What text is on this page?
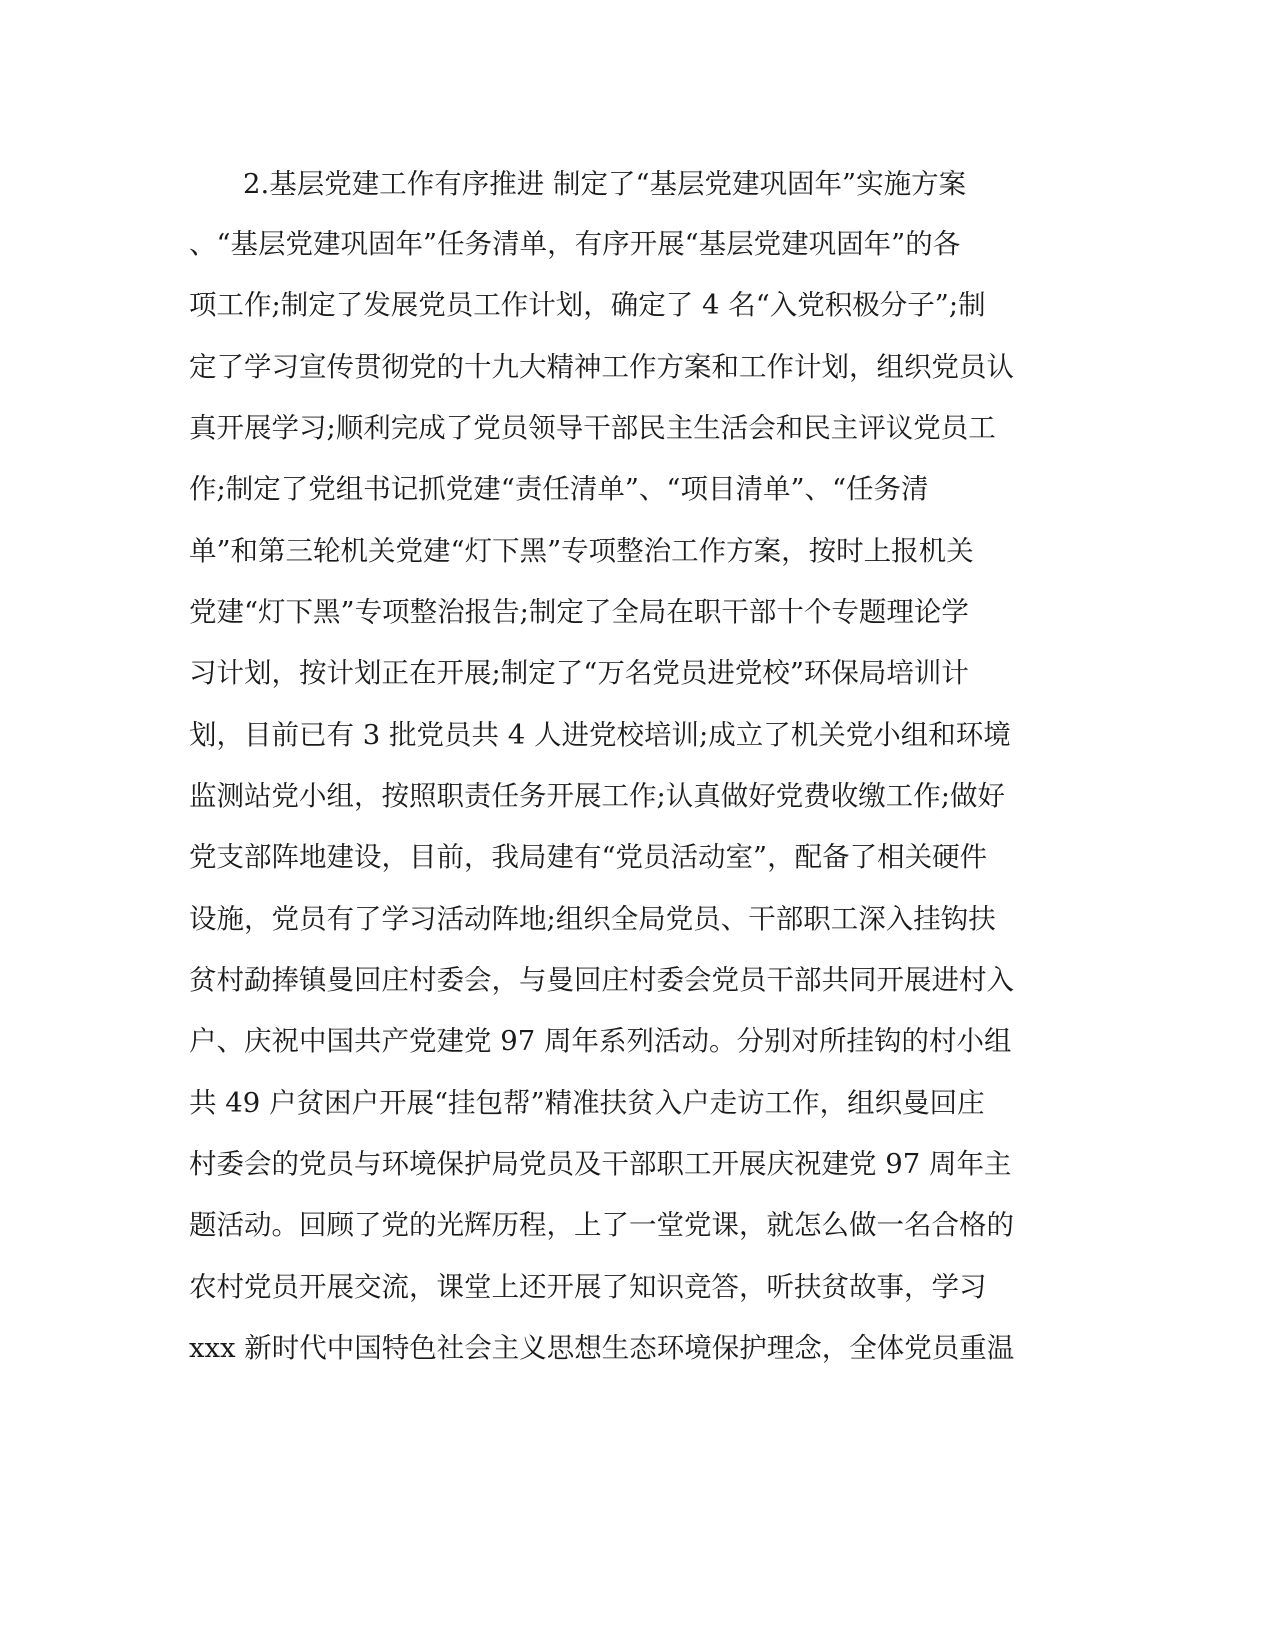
2.基层党建工作有序推进 制定了“基层党建巩固年”实施方案
、“基层党建巩固年”任务清单，有序开展“基层党建巩固年”的各
项工作;制定了发展党员工作计划，确定了 4 名“入党积极分子”;制
定了学习宣传贯彻党的十九大精神工作方案和工作计划，组织党员认
真开展学习;顺利完成了党员领导干部民主生活会和民主评议党员工
作;制定了党组书记抓党建“责任清单”、“项目清单”、“任务清
单”和第三轮机关党建“灯下黑”专项整治工作方案，按时上报机关
党建“灯下黑”专项整治报告;制定了全局在职干部十个专题理论学
习计划，按计划正在开展;制定了“万名党员进党校”环保局培训计
划，目前已有 3 批党员共 4 人进党校培训;成立了机关党小组和环境
监测站党小组，按照职责任务开展工作;认真做好党费收缴工作;做好
党支部阵地建设，目前，我局建有“党员活动室”，配备了相关硬件
设施，党员有了学习活动阵地;组织全局党员、干部职工深入挂钩扶
贫村勐捧镇曼回庄村委会，与曼回庄村委会党员干部共同开展进村入
户、庆祝中国共产党建党 97 周年系列活动。分别对所挂钩的村小组
共 49 户贫困户开展“挂包帮”精准扶贫入户走访工作，组织曼回庄
村委会的党员与环境保护局党员及干部职工开展庆祝建党 97 周年主
题活动。回顾了党的光辉历程，上了一堂党课，就怎么做一名合格的
农村党员开展交流，课堂上还开展了知识竞答，听扶贫故事，学习
xxx 新时代中国特色社会主义思想生态环境保护理念，全体党员重温
